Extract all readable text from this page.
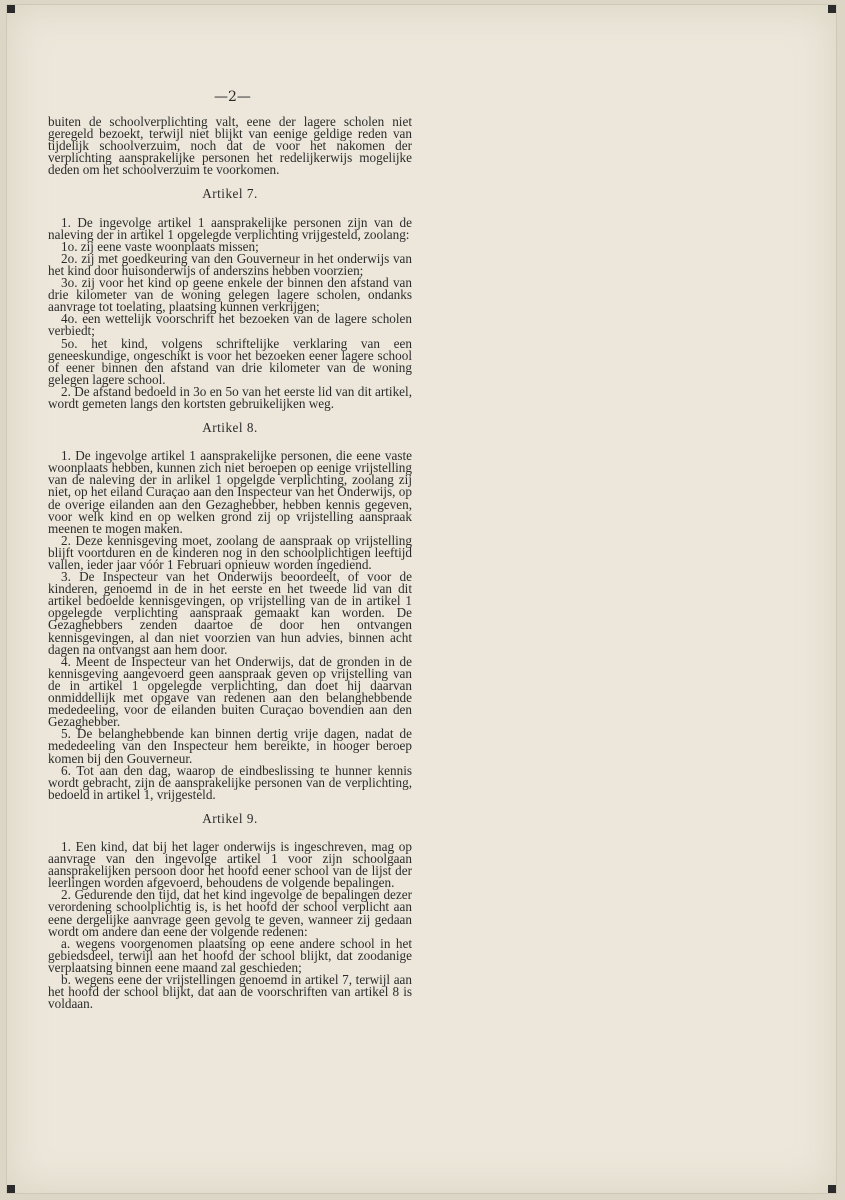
—2—

buiten de schoolverplichting valt, eene der lagere scholen niet geregeld bezoekt, terwijl niet blijkt van eenige geldige reden van tijdelijk schoolverzuim, noch dat de voor het nakomen der verplichting aansprakelijke personen het redelijkerwijs mogelijke deden om het schoolverzuim te voorkomen.

Artikel 7.

1. De ingevolge artikel 1 aansprakelijke personen zijn van de naleving der in artikel 1 opgelegde verplichting vrijgesteld, zoolang:

1o. zij eene vaste woonplaats missen;

2o. zij met goedkeuring van den Gouverneur in het onderwijs van het kind door huisonderwijs of anderszins hebben voorzien;

3o. zij voor het kind op geene enkele der binnen den afstand van drie kilometer van de woning gelegen lagere scholen, ondanks aanvrage tot toelating, plaatsing kunnen verkrijgen;

4o. een wettelijk voorschrift het bezoeken van de lagere scholen verbiedt;

5o. het kind, volgens schriftelijke verklaring van een geneeskundige, ongeschikt is voor het bezoeken eener lagere school of eener binnen den afstand van drie kilometer van de woning gelegen lagere school.

2. De afstand bedoeld in 3o en 5o van het eerste lid van dit artikel, wordt gemeten langs den kortsten gebruikelijken weg.

Artikel 8.

1. De ingevolge artikel 1 aansprakelijke personen, die eene vaste woonplaats hebben, kunnen zich niet beroepen op eenige vrijstelling van de naleving der in arlikel 1 opgelgde verplichting, zoolang zij niet, op het eiland Curaçao aan den Inspecteur van het Onderwijs, op de overige eilanden aan den Gezaghebber, hebben kennis gegeven, voor welk kind en op welken grond zij op vrijstelling aanspraak meenen te mogen maken.

2. Deze kennisgeving moet, zoolang de aanspraak op vrijstelling blijft voortduren en de kinderen nog in den schoolplichtigen leeftijd vallen, ieder jaar vóór 1 Februari opnieuw worden ingediend.

3. De Inspecteur van het Onderwijs beoordeelt, of voor de kinderen, genoemd in de in het eerste en het tweede lid van dit artikel bedoelde kennisgevingen, op vrijstelling van de in artikel 1 opgelegde verplichting aanspraak gemaakt kan worden. De Gezaghebbers zenden daartoe de door hen ontvangen kennisgevingen, al dan niet voorzien van hun advies, binnen acht dagen na ontvangst aan hem door.

4. Meent de Inspecteur van het Onderwijs, dat de gronden in de kennisgeving aangevoerd geen aanspraak geven op vrijstelling van de in artikel 1 opgelegde verplichting, dan doet hij daarvan onmiddellijk met opgave van redenen aan den belanghebbende mededeeling, voor de eilanden buiten Curaçao bovendien aan den Gezaghebber.

5. De belanghebbende kan binnen dertig vrije dagen, nadat de mededeeling van den Inspecteur hem bereikte, in hooger beroep komen bij den Gouverneur.

6. Tot aan den dag, waarop de eindbeslissing te hunner kennis wordt gebracht, zijn de aansprakelijke personen van de verplichting, bedoeld in artikel 1, vrijgesteld.

Artikel 9.

1. Een kind, dat bij het lager onderwijs is ingeschreven, mag op aanvrage van den ingevolge artikel 1 voor zijn schoolgaan aansprakelijken persoon door het hoofd eener school van de lijst der leerlingen worden afgevoerd, behoudens de volgende bepalingen.

2. Gedurende den tijd, dat het kind ingevolge de bepalingen dezer verordening schoolplichtig is, is het hoofd der school verplicht aan eene dergelijke aanvrage geen gevolg te geven, wanneer zij gedaan wordt om andere dan eene der volgende redenen:

a. wegens voorgenomen plaatsing op eene andere school in het gebiedsdeel, terwijl aan het hoofd der school blijkt, dat zoodanige verplaatsing binnen eene maand zal geschieden;

b. wegens eene der vrijstellingen genoemd in artikel 7, terwijl aan het hoofd der school blijkt, dat aan de voorschriften van artikel 8 is voldaan.
